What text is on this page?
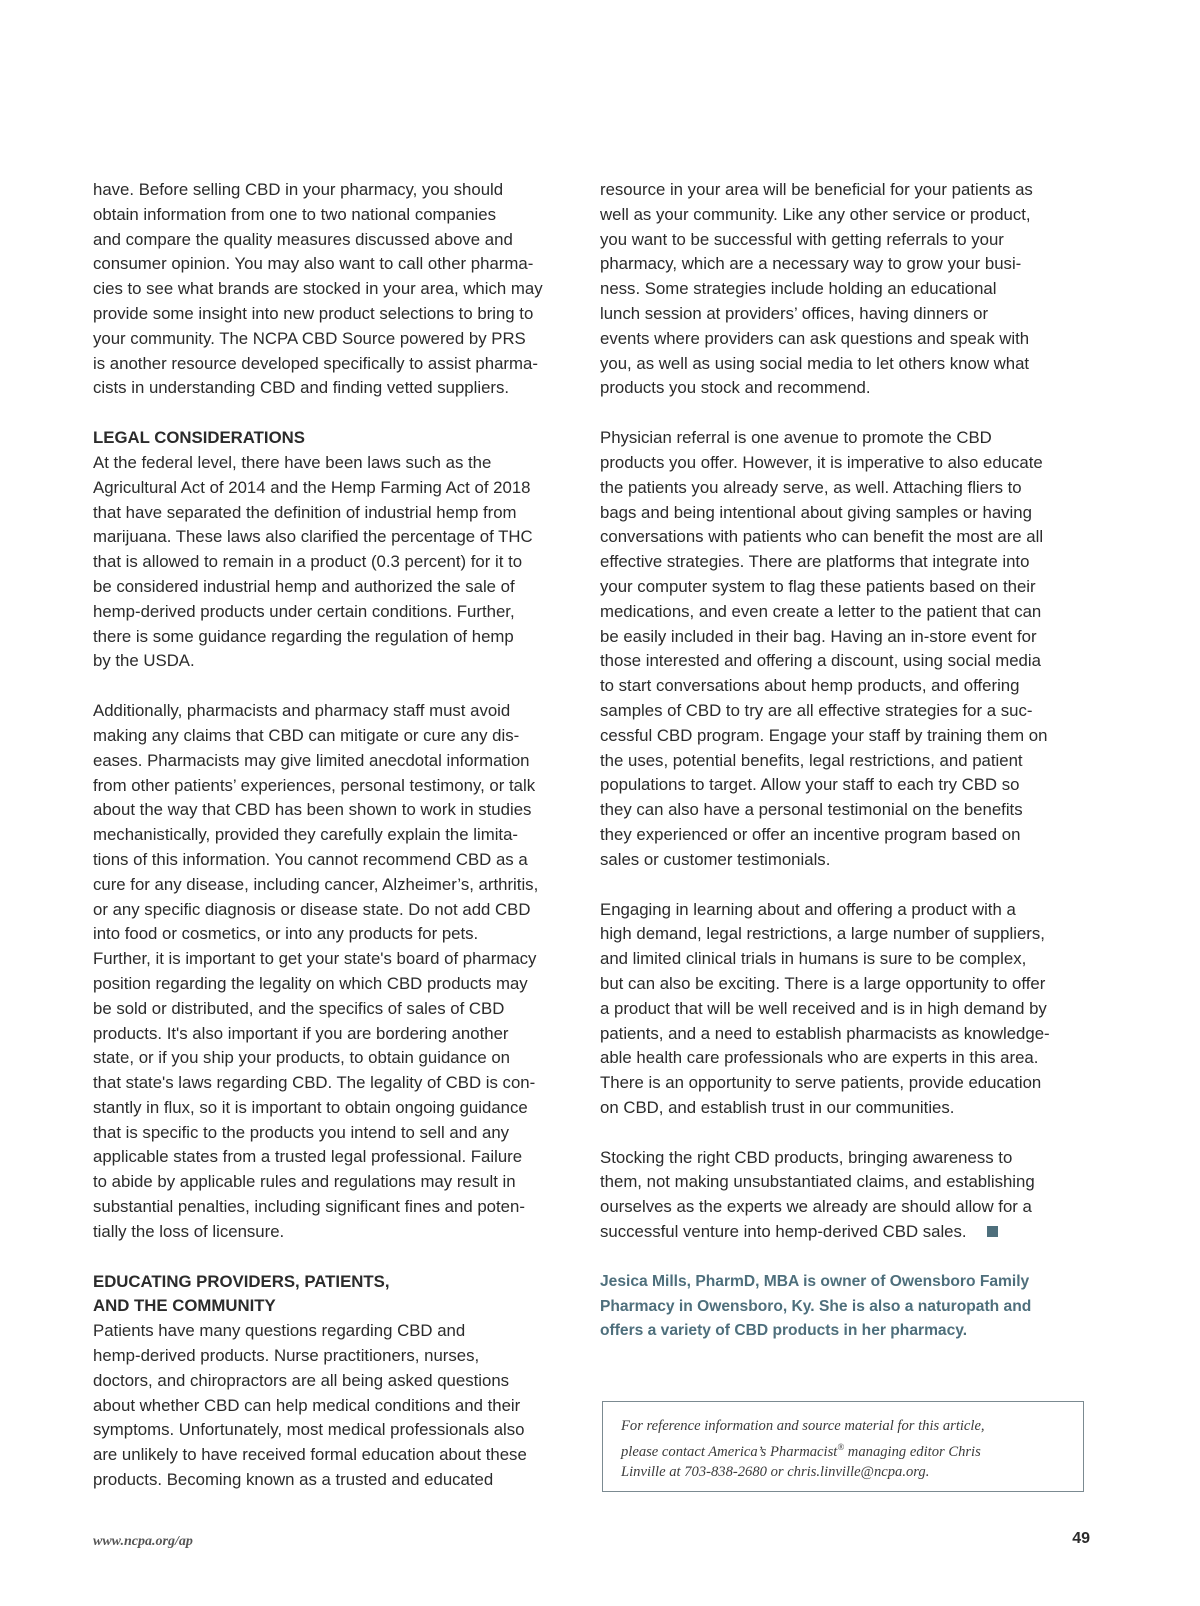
have. Before selling CBD in your pharmacy, you should
obtain information from one to two national companies
and compare the quality measures discussed above and
consumer opinion. You may also want to call other pharma-
cies to see what brands are stocked in your area, which may
provide some insight into new product selections to bring to
your community. The NCPA CBD Source powered by PRS
is another resource developed specifically to assist pharma-
cists in understanding CBD and finding vetted suppliers.

LEGAL CONSIDERATIONS

At the federal level, there have been laws such as the
Agricultural Act of 2014 and the Hemp Farming Act of 2018
that have separated the definition of industrial hemp from
marijuana. These laws also clarified the percentage of THC
that is allowed to remain in a product (0.3 percent) for it to
be considered industrial hemp and authorized the sale of
hemp-derived products under certain conditions. Further,
there is some guidance regarding the regulation of hemp
by the USDA.

Additionally, pharmacists and pharmacy staff must avoid
making any claims that CBD can mitigate or cure any dis-
eases. Pharmacists may give limited anecdotal information
from other patients’ experiences, personal testimony, or talk
about the way that CBD has been shown to work in studies
mechanistically, provided they carefully explain the limita-
tions of this information. You cannot recommend CBD as a
cure for any disease, including cancer, Alzheimer’s, arthritis,
or any specific diagnosis or disease state. Do not add CBD
into food or cosmetics, or into any products for pets.
Further, it is important to get your state's board of pharmacy
position regarding the legality on which CBD products may
be sold or distributed, and the specifics of sales of CBD
products. It's also important if you are bordering another
state, or if you ship your products, to obtain guidance on
that state's laws regarding CBD. The legality of CBD is con-
stantly in flux, so it is important to obtain ongoing guidance
that is specific to the products you intend to sell and any
applicable states from a trusted legal professional. Failure
to abide by applicable rules and regulations may result in
substantial penalties, including significant fines and poten-
tially the loss of licensure.

EDUCATING PROVIDERS, PATIENTS,
AND THE COMMUNITY

Patients have many questions regarding CBD and
hemp-derived products. Nurse practitioners, nurses,
doctors, and chiropractors are all being asked questions
about whether CBD can help medical conditions and their
symptoms. Unfortunately, most medical professionals also
are unlikely to have received formal education about these
products. Becoming known as a trusted and educated

resource in your area will be beneficial for your patients as
well as your community. Like any other service or product,
you want to be successful with getting referrals to your
pharmacy, which are a necessary way to grow your busi-
ness. Some strategies include holding an educational
lunch session at providers’ offices, having dinners or
events where providers can ask questions and speak with
you, as well as using social media to let others know what
products you stock and recommend.

Physician referral is one avenue to promote the CBD
products you offer. However, it is imperative to also educate
the patients you already serve, as well. Attaching fliers to
bags and being intentional about giving samples or having
conversations with patients who can benefit the most are all
effective strategies. There are platforms that integrate into
your computer system to flag these patients based on their
medications, and even create a letter to the patient that can
be easily included in their bag. Having an in-store event for
those interested and offering a discount, using social media
to start conversations about hemp products, and offering
samples of CBD to try are all effective strategies for a suc-
cessful CBD program. Engage your staff by training them on
the uses, potential benefits, legal restrictions, and patient
populations to target. Allow your staff to each try CBD so
they can also have a personal testimonial on the benefits
they experienced or offer an incentive program based on
sales or customer testimonials.

Engaging in learning about and offering a product with a
high demand, legal restrictions, a large number of suppliers,
and limited clinical trials in humans is sure to be complex,
but can also be exciting. There is a large opportunity to offer
a product that will be well received and is in high demand by
patients, and a need to establish pharmacists as knowledge-
able health care professionals who are experts in this area.
There is an opportunity to serve patients, provide education
on CBD, and establish trust in our communities.

Stocking the right CBD products, bringing awareness to
them, not making unsubstantiated claims, and establishing
ourselves as the experts we already are should allow for a
successful venture into hemp-derived CBD sales.

Jesica Mills, PharmD, MBA is owner of Owensboro Family
Pharmacy in Owensboro, Ky. She is also a naturopath and
offers a variety of CBD products in her pharmacy.

For reference information and source material for this article,
please contact America’s Pharmacist® managing editor Chris
Linville at 703-838-2680 or chris.linville@ncpa.org.

www.ncpa.org/ap	49
